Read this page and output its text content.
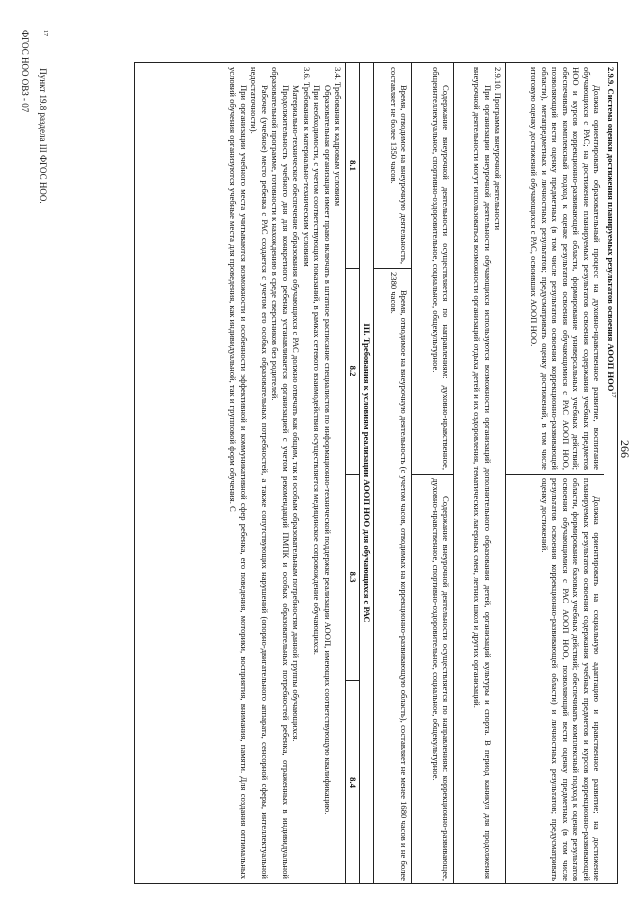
266
2.9.9. Система оценки достижения планируемых результатов освоения АООП НОО$^{17}$

Должна ориентировать образовательный процесс на духовно-нравственное развитие, воспитание обучающихся с РАС; на достижение планируемых результатов освоения содержания учебных предметов НОО и курсов коррекционно-развивающей области, формирование универсальных учебных действий; обеспечивать комплексный подход к оценке результатов освоения обучающимися с РАС АООП НОО, позволяющий вести оценку предметных (в том числе результатов освоения коррекционно-развивающей области), метапредметных и личностных результатов; предусматривать оценку достижений, в том числе итоговую оценку достижений обучающихся с РАС, освоивших АООП НОО.

Должна ориентировать на социальную адаптацию и нравственное развитие; на достижение планируемых результатов освоения содержания учебных предметов и курсов коррекционно-развивающей области, формирование базовых учебных действий; обеспечивать комплексный подход к оценке результатов освоения обучающимися с РАС АООП НОО, позволяющий вести оценку предметных (в том числе результатов освоения коррекционно-развивающей области) и личностных результатов; предусматривать оценку достижений.

2.9.10. Программа внеурочной деятельности

При организации внеурочной деятельности обучающихся используются возможности организаций дополнительного образования детей, организаций культуры и спорта. В период каникул для продолжения внеурочной деятельности могут использоваться возможности организаций отдыха детей и их оздоровления, тематических лагерных смен, летних школ и других организаций.

Содержание внеурочной деятельности осуществляется по направлениям: духовно-нравственное, общеинтеллектуальное, спортивно-оздоровительное, социальное, общекультурное.

Содержание внеурочной деятельности осуществляется по направлениям: коррекционно-развивающее, духовно-нравственное, спортивно-оздоровительное, социальное, общекультурное.

Время, отводимое на внеурочную деятельность, составляет не более 1350 часов.

Время, отводимое на внеурочную деятельность (с учетом часов, отводимых на коррекционно-развивающую область), составляет не менее 1680 часов и не более 2380 часов.

III. Требования к условиям реализации АООП НОО для обучающихся с РАС
8.1
8.2
8.3
8.4

3.4. Требования к кадровым условиям

Образовательная организация имеет право включать в штатное расписание специалистов по информационно-технической поддержке реализации АООП, имеющих соответствующую квалификацию.

При необходимости, с учетом соответствующих показаний, в рамках сетевого взаимодействия осуществляется медицинское сопровождение обучающихся.

3.6. Требования к материально-техническим условиям

Материально-техническое обеспечение образования обучающихся с РАС должно отвечать как общим, так и особым образовательным потребностям данной группы обучающихся.

Продолжительность учебного дня для конкретного ребенка устанавливается организацией с учетом рекомендаций ПМПК и особых образовательных потребностей ребенка, отраженных в индивидуальной образовательной программе, готовности к нахождению в среде сверстников без родителей.

Рабочее (учебное) место ребенка с РАС создается с учетом его особых образовательных потребностей, а также сопутствующих нарушений (опорно-двигательного аппарата, сенсорной сферы, интеллектуальной недостаточности).

При организации учебного места учитываются возможности и особенности эффективной и коммуникативной сфер ребенка, его поведения, моторики, восприятия, внимания, памяти. Для создания оптимальных условий обучения организуются учебные места для проведения, как индивидуальной, так и групповой форм обучения. С

$^{17}$ Пункт 19.8 раздела III ФГОС НОО.
ФГОС НОО ОВЗ - 07
